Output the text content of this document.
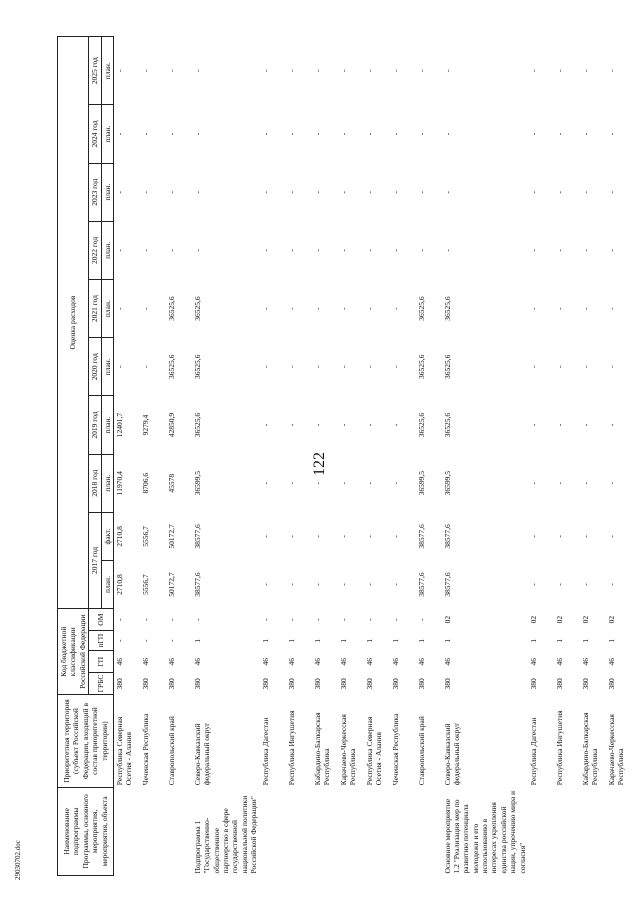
122
Наименование подпрограммы Программы, основного мероприятия, мероприятия, объекта	Приоритетная территория (субъект Российской Федерации, входящий в состав приоритетной территории)	Код бюджетной классификации Российской Федерации				Оценка расходов									
		ГРБС	ГП	пГП	ОМ	2017 год		2018 год	2019 год	2020 год	2021 год	2022 год	2023 год	2024 год	2025 год
						план.	факт.	план.	план.	план.	план.	план.	план.	план.	план.
	Республика Северная Осетия - Алания	380	46	-	-	2710,8	2710,8	11970,4	12401,7	-	-	-	-	-	-
	Чеченская Республика	380	46	-	-	5556,7	5556,7	8706,6	9279,4	-	-	-	-	-	-
	Ставропольский край	380	46	-	-	50172,7	50172,7	45578	42850,9	36525,6	36525,6	-	-	-	-
Подпрограмма 1 "Государственно-общественное партнерство в сфере государственной национальной политики Российской Федерации"	Северо-Кавказский федеральный округ	380	46	1	-	38577,6	38577,6	36599,5	36525,6	36525,6	36525,6	-	-	-	-
	Республика Дагестан	380	46	1	-	-	-	-	-	-	-	-	-	-	-
	Республика Ингушетия	380	46	1	-	-	-	-	-	-	-	-	-	-	-
	Кабардино-Балкарская Республика	380	46	1	-	-	-	-	-	-	-	-	-	-	-
	Карачаево-Черкесская Республика	380	46	1	-	-	-	-	-	-	-	-	-	-	-
	Республика Северная Осетия - Алания	380	46	1	-	-	-	-	-	-	-	-	-	-	-
	Чеченская Республика	380	46	1	-	-	-	-	-	-	-	-	-	-	-
	Ставропольский край	380	46	1	-	38577,6	38577,6	36599,5	36525,6	36525,6	36525,6	-	-	-	-
Основное мероприятие 1.2 "Реализация мер по развитию потенциала молодежи и его использованию в интересах укрепления единства российской нации, упрочению мира и согласия"	Северо-Кавказский федеральный округ	380	46	1	02	38577,6	38577,6	36599,5	36525,6	36525,6	36525,6	-	-	-	-
	Республика Дагестан	380	46	1	02	-	-	-	-	-	-	-	-	-	-
	Республика Ингушетия	380	46	1	02	-	-	-	-	-	-	-	-	-	-
	Кабардино-Балкарская Республика	380	46	1	02	-	-	-	-	-	-	-	-	-	-
	Карачаево-Черкесская Республика	380	46	1	02	-	-	-	-	-	-	-	-	-	-
29030702.doc
